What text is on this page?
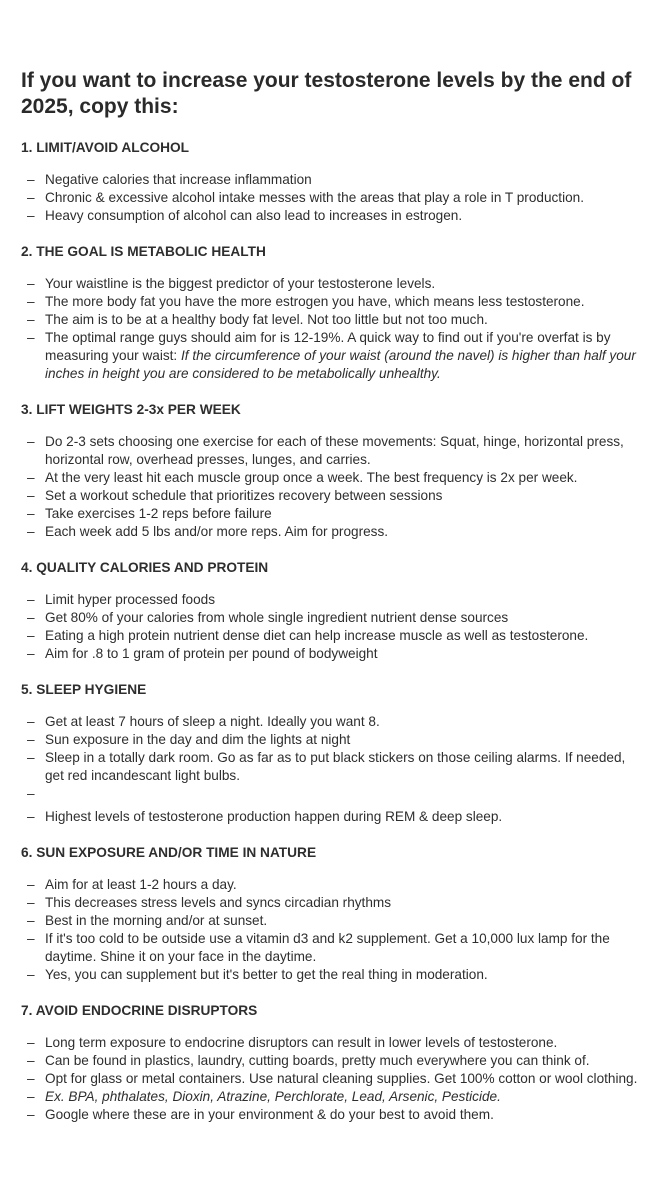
If you want to increase your testosterone levels by the end of 2025, copy this:
1. LIMIT/AVOID ALCOHOL
– Negative calories that increase inflammation
– Chronic & excessive alcohol intake messes with the areas that play a role in T production.
– Heavy consumption of alcohol can also lead to increases in estrogen.
2. THE GOAL IS METABOLIC HEALTH
– Your waistline is the biggest predictor of your testosterone levels.
– The more body fat you have the more estrogen you have, which means less testosterone.
– The aim is to be at a healthy body fat level. Not too little but not too much.
– The optimal range guys should aim for is 12-19%. A quick way to find out if you're overfat is by measuring your waist: If the circumference of your waist (around the navel) is higher than half your inches in height you are considered to be metabolically unhealthy.
3. LIFT WEIGHTS 2-3x PER WEEK
– Do 2-3 sets choosing one exercise for each of these movements: Squat, hinge, horizontal press, horizontal row, overhead presses, lunges, and carries.
– At the very least hit each muscle group once a week. The best frequency is 2x per week.
– Set a workout schedule that prioritizes recovery between sessions
– Take exercises 1-2 reps before failure
– Each week add 5 lbs and/or more reps. Aim for progress.
4. QUALITY CALORIES AND PROTEIN
– Limit hyper processed foods
– Get 80% of your calories from whole single ingredient nutrient dense sources
– Eating a high protein nutrient dense diet can help increase muscle as well as testosterone.
– Aim for .8 to 1 gram of protein per pound of bodyweight
5. SLEEP HYGIENE
– Get at least 7 hours of sleep a night. Ideally you want 8.
– Sun exposure in the day and dim the lights at night
– Sleep in a totally dark room. Go as far as to put black stickers on those ceiling alarms. If needed, get red incandescant light bulbs.
–
– Highest levels of testosterone production happen during REM & deep sleep.
6. SUN EXPOSURE AND/OR TIME IN NATURE
– Aim for at least 1-2 hours a day.
– This decreases stress levels and syncs circadian rhythms
– Best in the morning and/or at sunset.
– If it's too cold to be outside use a vitamin d3 and k2 supplement. Get a 10,000 lux lamp for the daytime. Shine it on your face in the daytime.
– Yes, you can supplement but it's better to get the real thing in moderation.
7. AVOID ENDOCRINE DISRUPTORS
– Long term exposure to endocrine disruptors can result in lower levels of testosterone.
– Can be found in plastics, laundry, cutting boards, pretty much everywhere you can think of.
– Opt for glass or metal containers. Use natural cleaning supplies. Get 100% cotton or wool clothing.
– Ex. BPA, phthalates, Dioxin, Atrazine, Perchlorate, Lead, Arsenic, Pesticide.
– Google where these are in your environment & do your best to avoid them.
